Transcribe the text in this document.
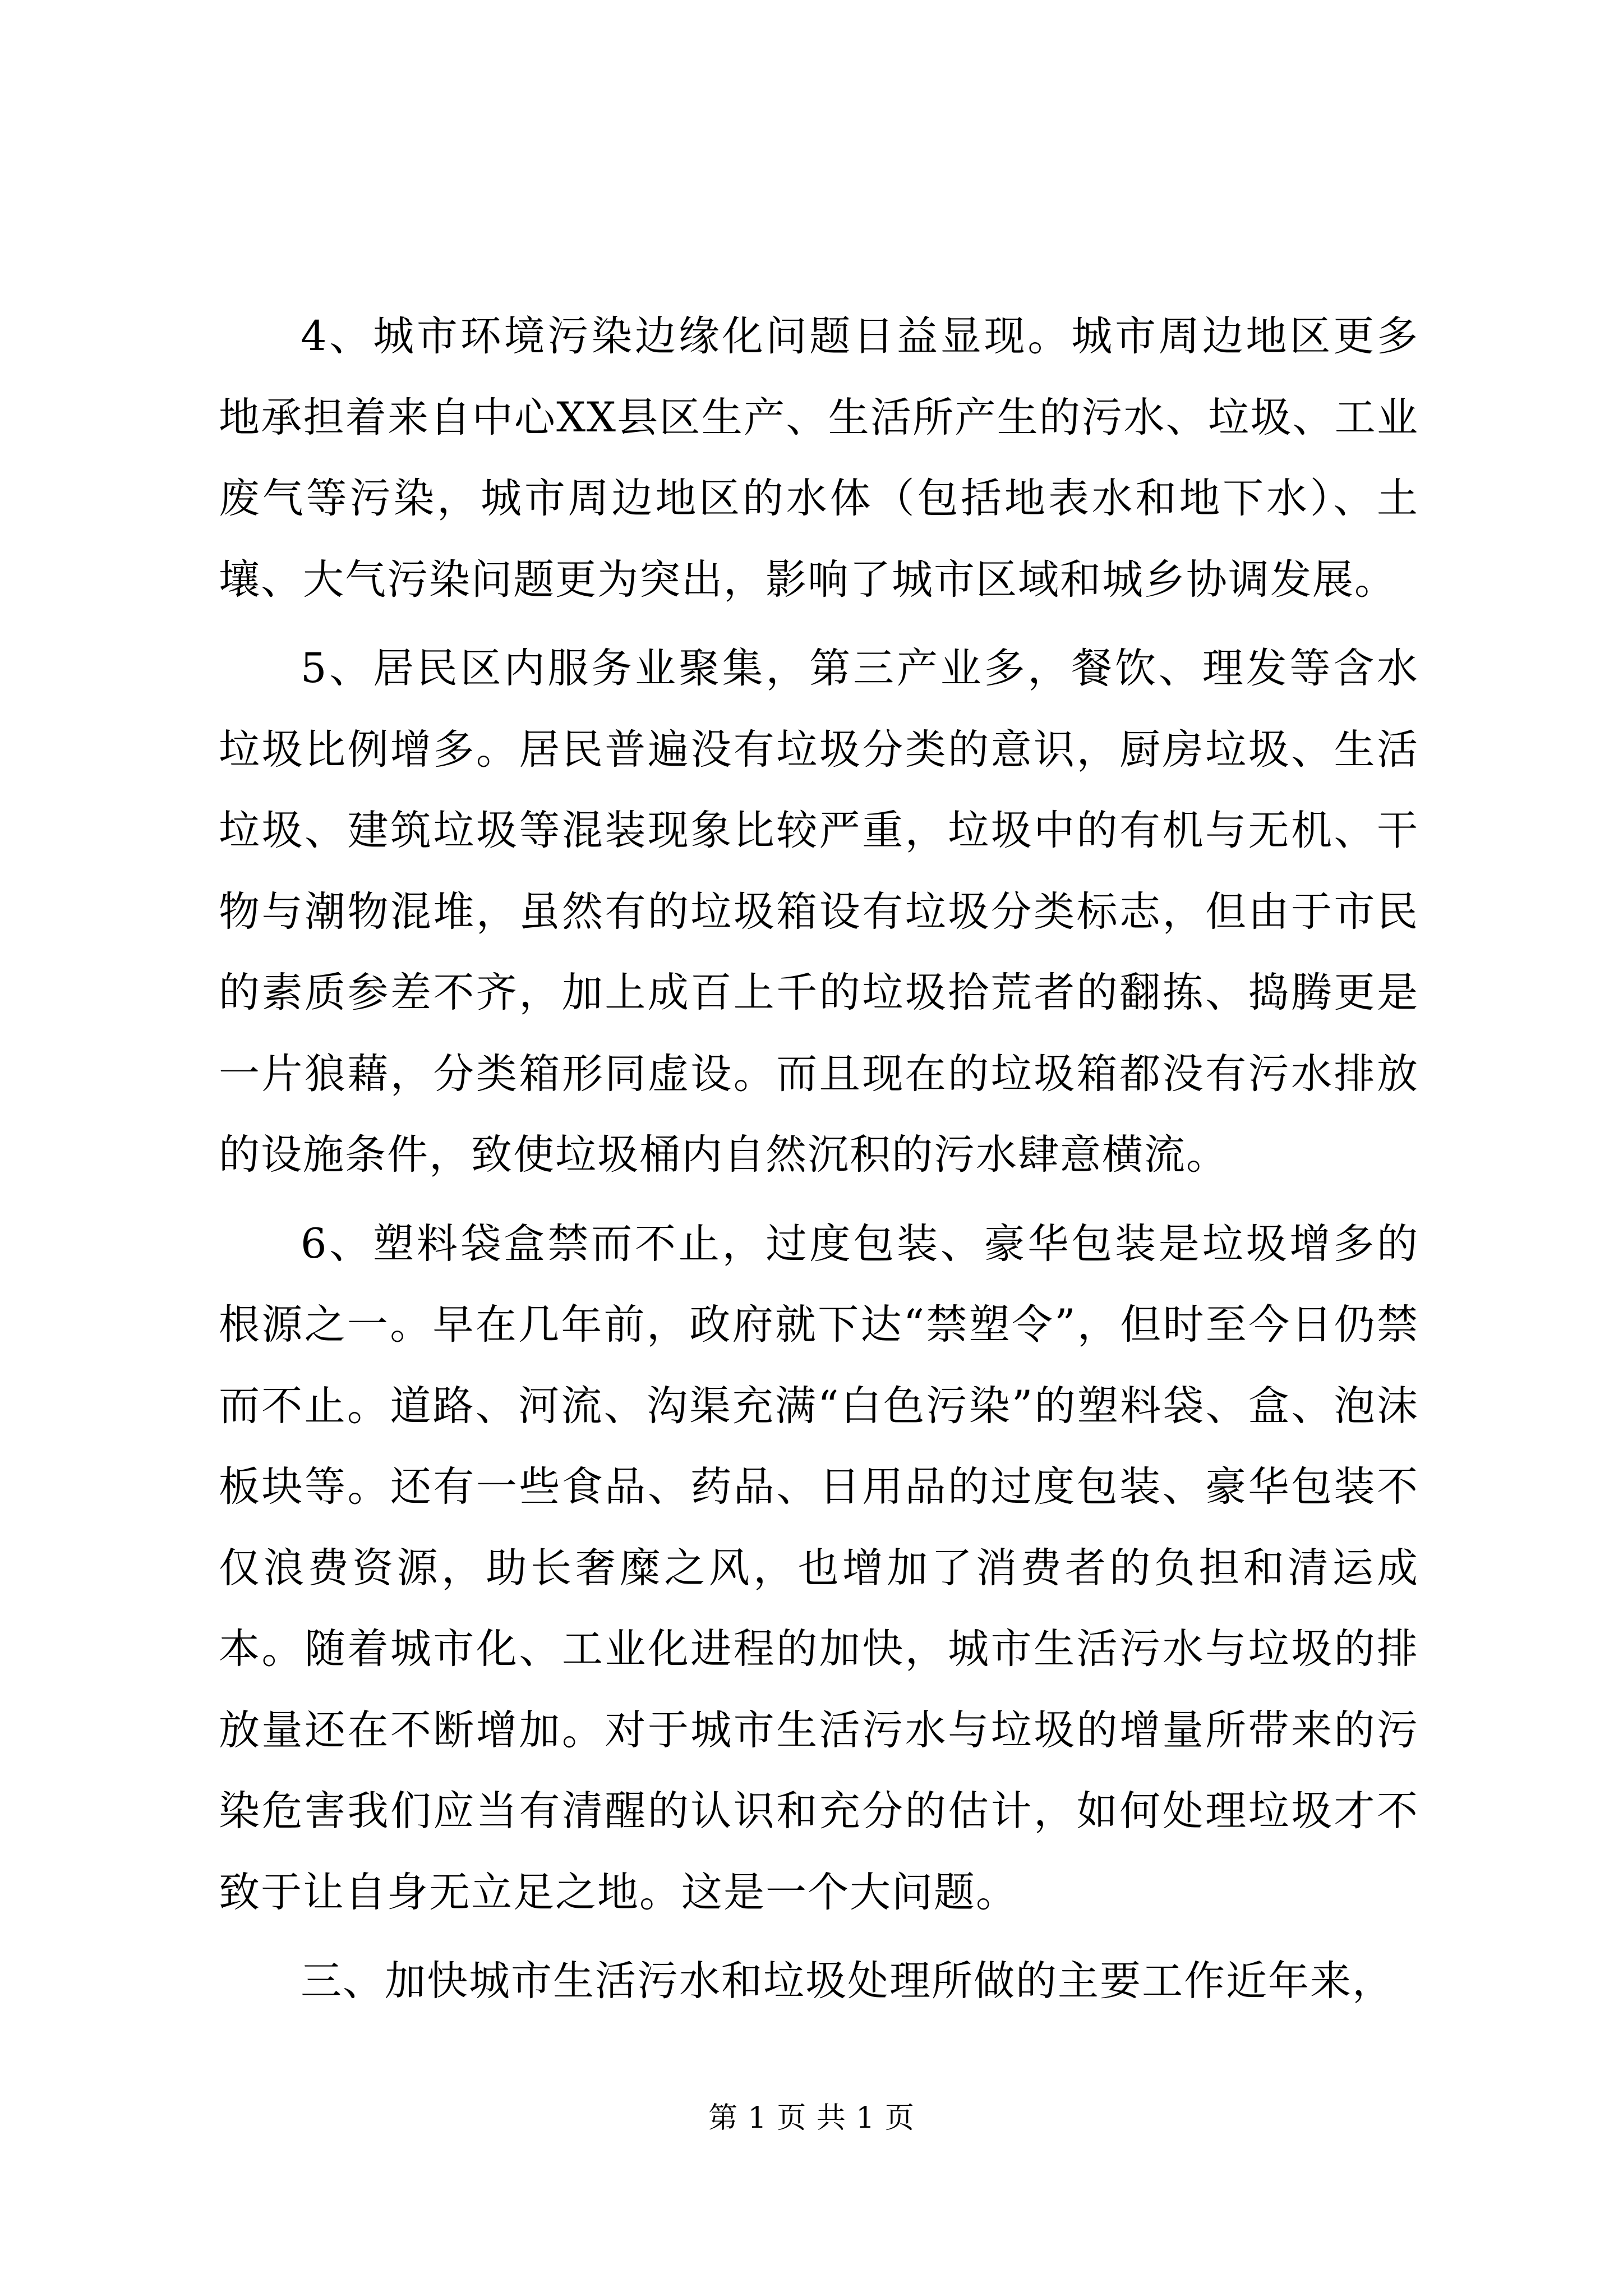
4、城市环境污染边缘化问题日益显现。城市周边地区更多地承担着来自中心XX县区生产、生活所产生的污水、垃圾、工业废气等污染，城市周边地区的水体（包括地表水和地下水）、土壤、大气污染问题更为突出，影响了城市区域和城乡协调发展。

5、居民区内服务业聚集，第三产业多，餐饮、理发等含水垃圾比例增多。居民普遍没有垃圾分类的意识，厨房垃圾、生活垃圾、建筑垃圾等混装现象比较严重，垃圾中的有机与无机、干物与潮物混堆，虽然有的垃圾箱设有垃圾分类标志，但由于市民的素质参差不齐，加上成百上千的垃圾拾荒者的翻拣、捣腾更是一片狼藉，分类箱形同虚设。而且现在的垃圾箱都没有污水排放的设施条件，致使垃圾桶内自然沉积的污水肆意横流。

6、塑料袋盒禁而不止，过度包装、豪华包装是垃圾增多的根源之一。早在几年前，政府就下达“禁塑令”，但时至今日仍禁而不止。道路、河流、沟渠充满“白色污染”的塑料袋、盒、泡沫板块等。还有一些食品、药品、日用品的过度包装、豪华包装不仅浪费资源，助长奢糜之风，也增加了消费者的负担和清运成本。随着城市化、工业化进程的加快，城市生活污水与垃圾的排放量还在不断增加。对于城市生活污水与垃圾的增量所带来的污染危害我们应当有清醒的认识和充分的估计，如何处理垃圾才不致于让自身无立足之地。这是一个大问题。

三、加快城市生活污水和垃圾处理所做的主要工作近年来，

第 1 页 共 1 页
